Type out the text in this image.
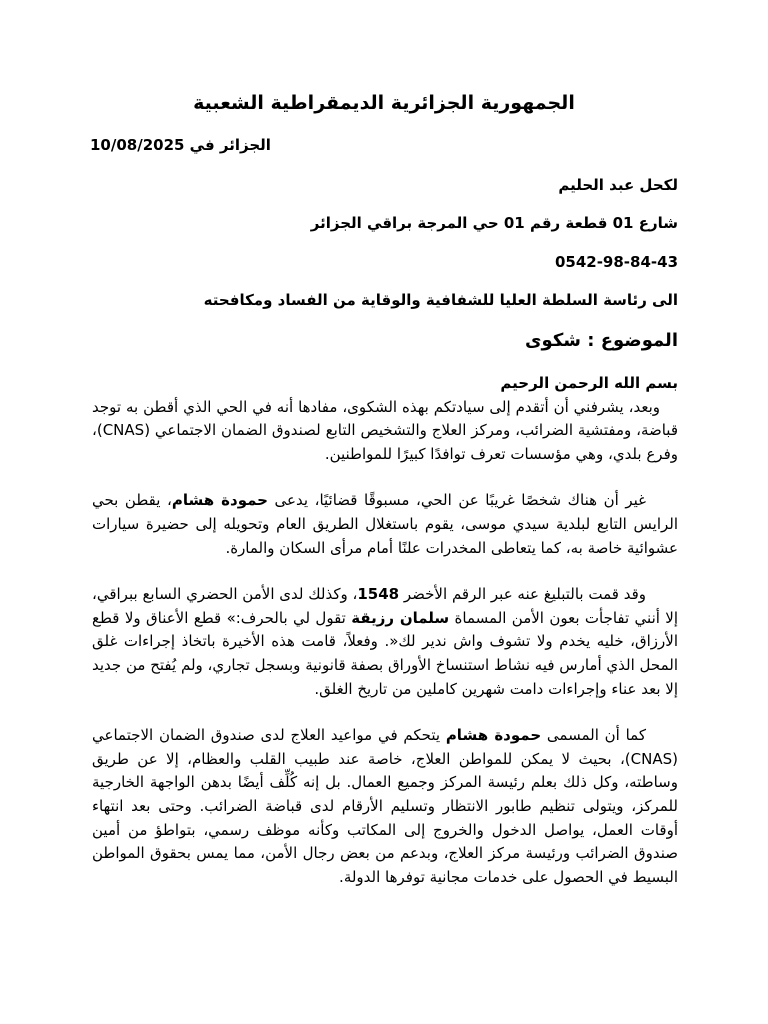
الجمهورية الجزائرية الديمقراطية الشعبية

الجزائر في 10/08/2025

لكحل عبد الحليم

شارع 01 قطعة رقم 01 حي المرجة براقي الجزائر

0542-98-84-43

الى رئاسة السلطة العليا للشفافية والوقاية من الفساد ومكافحته

الموضوع : شكوى

بسم الله الرحمن الرحيم

وبعد، يشرفني أن أتقدم إلى سيادتكم بهذه الشكوى، مفادها أنه في الحي الذي أقطن به توجد قباضة، ومفتشية الضرائب، ومركز العلاج والتشخيص التابع لصندوق الضمان الاجتماعي (CNAS)، وفرع بلدي، وهي مؤسسات تعرف توافدًا كبيرًا للمواطنين.

غير أن هناك شخصًا غريبًا عن الحي، مسبوقًا قضائيًا، يدعى حمودة هشام، يقطن بحي الرايس التابع لبلدية سيدي موسى، يقوم باستغلال الطريق العام وتحويله إلى حضيرة سيارات عشوائية خاصة به، كما يتعاطى المخدرات علنًا أمام مرأى السكان والمارة.

وقد قمت بالتبليغ عنه عبر الرقم الأخضر 1548، وكذلك لدى الأمن الحضري السابع ببراقي، إلا أنني تفاجأت بعون الأمن المسماة سلمان رزيقة تقول لي بالحرف:» قطع الأعناق ولا قطع الأرزاق، خليه يخدم ولا تشوف واش ندير لك«. وفعلاً، قامت هذه الأخيرة باتخاذ إجراءات غلق المحل الذي أمارس فيه نشاط استنساخ الأوراق بصفة قانونية وبسجل تجاري، ولم يُفتح من جديد إلا بعد عناء وإجراءات دامت شهرين كاملين من تاريخ الغلق.

كما أن المسمى حمودة هشام يتحكم في مواعيد العلاج لدى صندوق الضمان الاجتماعي (CNAS)، بحيث لا يمكن للمواطن العلاج، خاصة عند طبيب القلب والعظام، إلا عن طريق وساطته، وكل ذلك بعلم رئيسة المركز وجميع العمال. بل إنه كُلِّف أيضًا بدهن الواجهة الخارجية للمركز، ويتولى تنظيم طابور الانتظار وتسليم الأرقام لدى قباضة الضرائب. وحتى بعد انتهاء أوقات العمل، يواصل الدخول والخروج إلى المكاتب وكأنه موظف رسمي، بتواطؤ من أمين صندوق الضرائب ورئيسة مركز العلاج، وبدعم من بعض رجال الأمن، مما يمس بحقوق المواطن البسيط في الحصول على خدمات مجانية توفرها الدولة.
